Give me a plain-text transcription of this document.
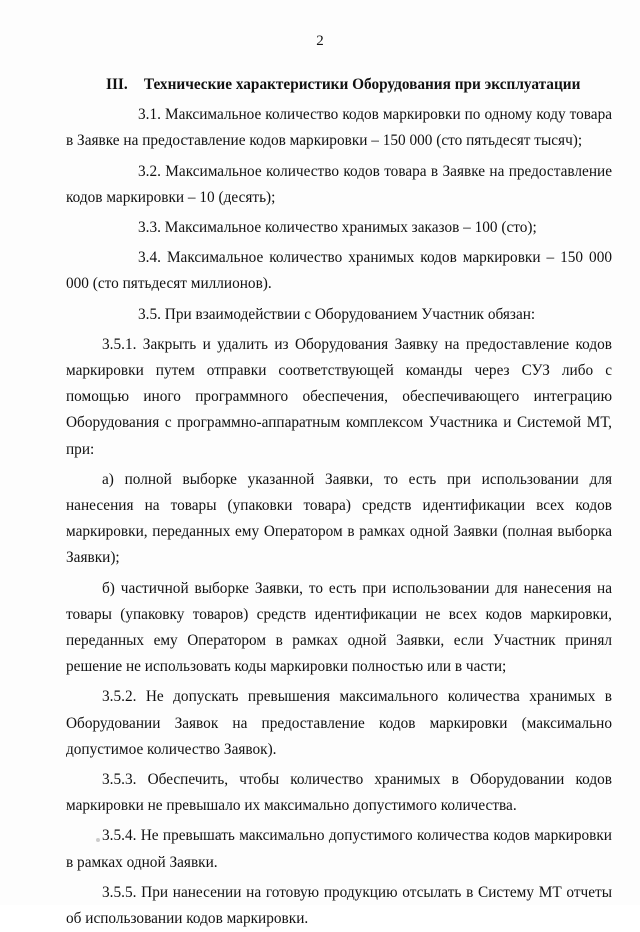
2
III. Технические характеристики Оборудования при эксплуатации

3.1. Максимальное количество кодов маркировки по одному коду товара в Заявке на предоставление кодов маркировки – 150 000 (сто пятьдесят тысяч);

3.2. Максимальное количество кодов товара в Заявке на предоставление кодов маркировки – 10 (десять);

3.3. Максимальное количество хранимых заказов – 100 (сто);

3.4. Максимальное количество хранимых кодов маркировки – 150 000 000 (сто пятьдесят миллионов).

3.5. При взаимодействии с Оборудованием Участник обязан:

3.5.1. Закрыть и удалить из Оборудования Заявку на предоставление кодов маркировки путем отправки соответствующей команды через СУЗ либо с помощью иного программного обеспечения, обеспечивающего интеграцию Оборудования с программно-аппаратным комплексом Участника и Системой МТ, при:

а) полной выборке указанной Заявки, то есть при использовании для нанесения на товары (упаковки товара) средств идентификации всех кодов маркировки, переданных ему Оператором в рамках одной Заявки (полная выборка Заявки);

б) частичной выборке Заявки, то есть при использовании для нанесения на товары (упаковку товаров) средств идентификации не всех кодов маркировки, переданных ему Оператором в рамках одной Заявки, если Участник принял решение не использовать коды маркировки полностью или в части;

3.5.2. Не допускать превышения максимального количества хранимых в Оборудовании Заявок на предоставление кодов маркировки (максимально допустимое количество Заявок).

3.5.3. Обеспечить, чтобы количество хранимых в Оборудовании кодов маркировки не превышало их максимально допустимого количества.

3.5.4. Не превышать максимально допустимого количества кодов маркировки в рамках одной Заявки.

3.5.5. При нанесении на готовую продукцию отсылать в Систему МТ отчеты об использовании кодов маркировки.
